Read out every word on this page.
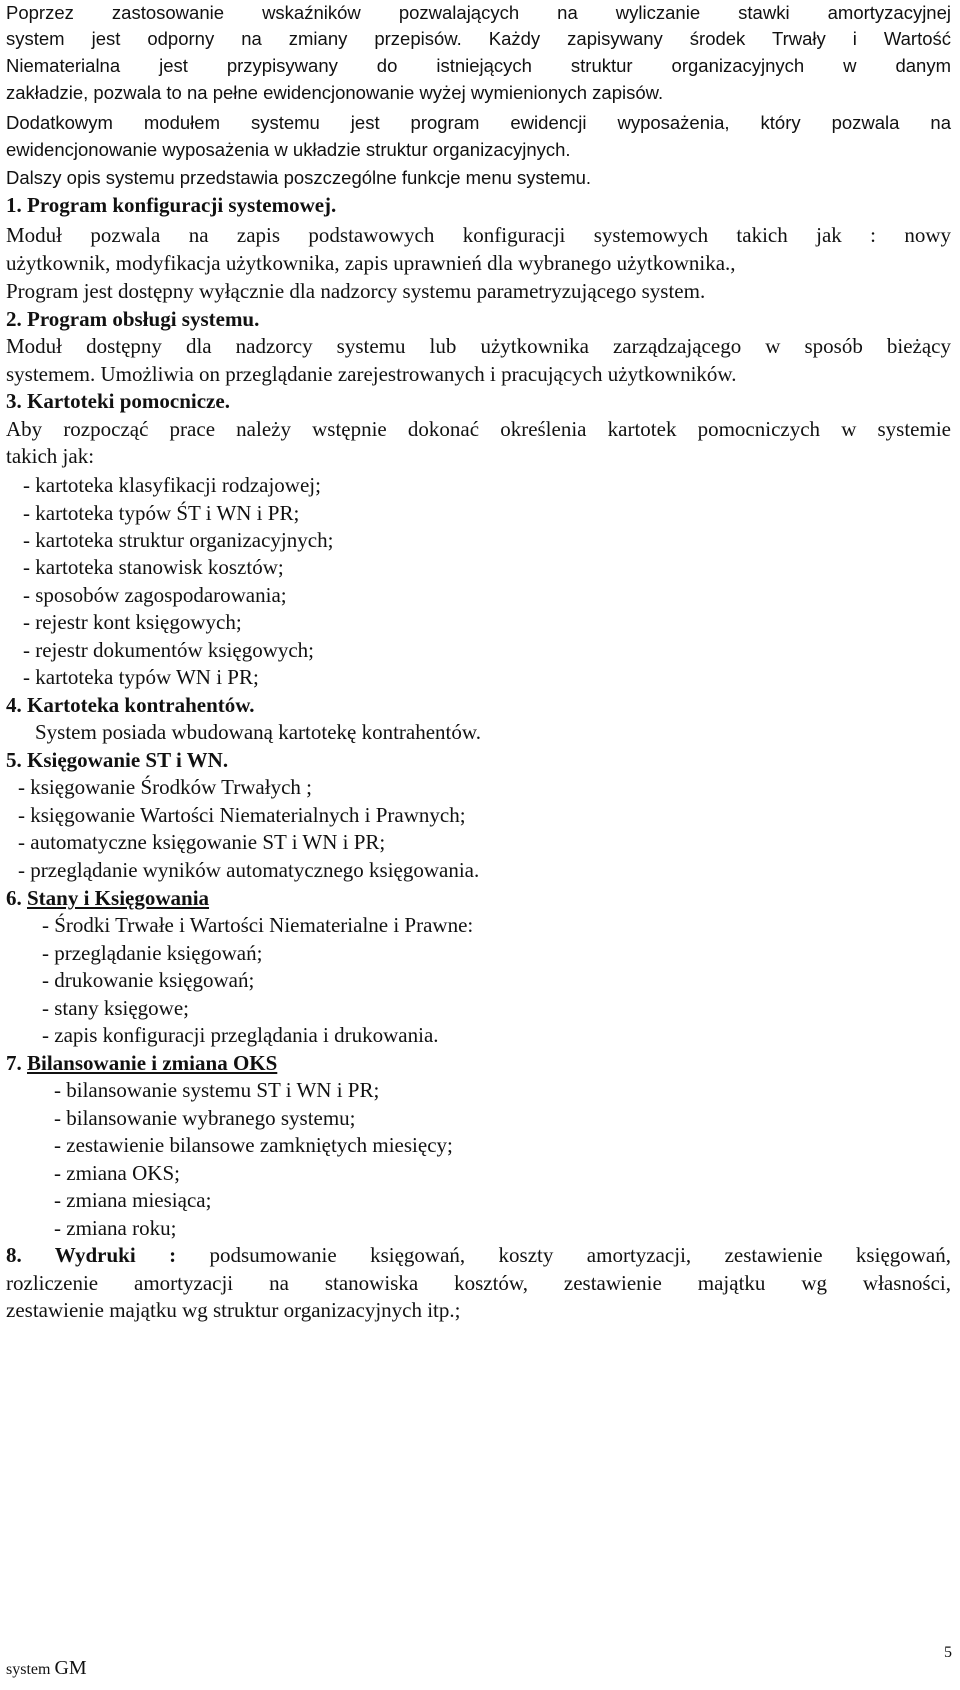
Poprzez zastosowanie wskaźników pozwalających na wyliczanie stawki amortyzacyjnej
system jest odporny na zmiany przepisów. Każdy zapisywany środek Trwały i Wartość
Niematerialna jest przypisywany do istniejących struktur organizacyjnych w danym
zakładzie, pozwala to na pełne ewidencjonowanie wyżej wymienionych zapisów.
Dodatkowym modułem systemu jest program ewidencji wyposażenia, który pozwala na
ewidencjonowanie wyposażenia w układzie struktur organizacyjnych.
Dalszy opis systemu przedstawia poszczególne funkcje menu systemu.
1. Program konfiguracji systemowej.
Moduł pozwala na zapis podstawowych konfiguracji systemowych takich jak : nowy
użytkownik, modyfikacja użytkownika, zapis uprawnień dla wybranego użytkownika.,
Program jest dostępny wyłącznie dla nadzorcy systemu parametryzującego system.
2. Program obsługi systemu.
Moduł dostępny dla nadzorcy systemu lub użytkownika zarządzającego w sposób bieżący
systemem. Umożliwia on przeglądanie zarejestrowanych i pracujących użytkowników.
3. Kartoteki pomocnicze.
Aby rozpocząć prace należy wstępnie dokonać określenia kartotek pomocniczych w systemie
takich jak:
- kartoteka klasyfikacji rodzajowej;
- kartoteka typów ŚT i WN i PR;
- kartoteka struktur organizacyjnych;
- kartoteka stanowisk kosztów;
- sposobów zagospodarowania;
- rejestr kont księgowych;
- rejestr dokumentów księgowych;
- kartoteka typów WN i PR;
4. Kartoteka kontrahentów.
System posiada wbudowaną kartotekę kontrahentów.
5. Księgowanie ST i WN.
- księgowanie Środków Trwałych ;
- księgowanie Wartości Niematerialnych i Prawnych;
- automatyczne księgowanie ST i WN i PR;
- przeglądanie wyników automatycznego księgowania.
6. Stany i Księgowania
- Środki Trwałe i Wartości Niematerialne i Prawne:
- przeglądanie księgowań;
- drukowanie księgowań;
- stany księgowe;
- zapis konfiguracji przeglądania i drukowania.
7. Bilansowanie i zmiana OKS
- bilansowanie systemu ST i WN i PR;
- bilansowanie wybranego systemu;
- zestawienie bilansowe zamkniętych miesięcy;
- zmiana OKS;
- zmiana miesiąca;
- zmiana roku;
8. Wydruki : podsumowanie księgowań, koszty amortyzacji, zestawienie księgowań,
rozliczenie amortyzacji na stanowiska kosztów, zestawienie majątku wg własności,
zestawienie majątku wg struktur organizacyjnych itp.;
system GM
5
